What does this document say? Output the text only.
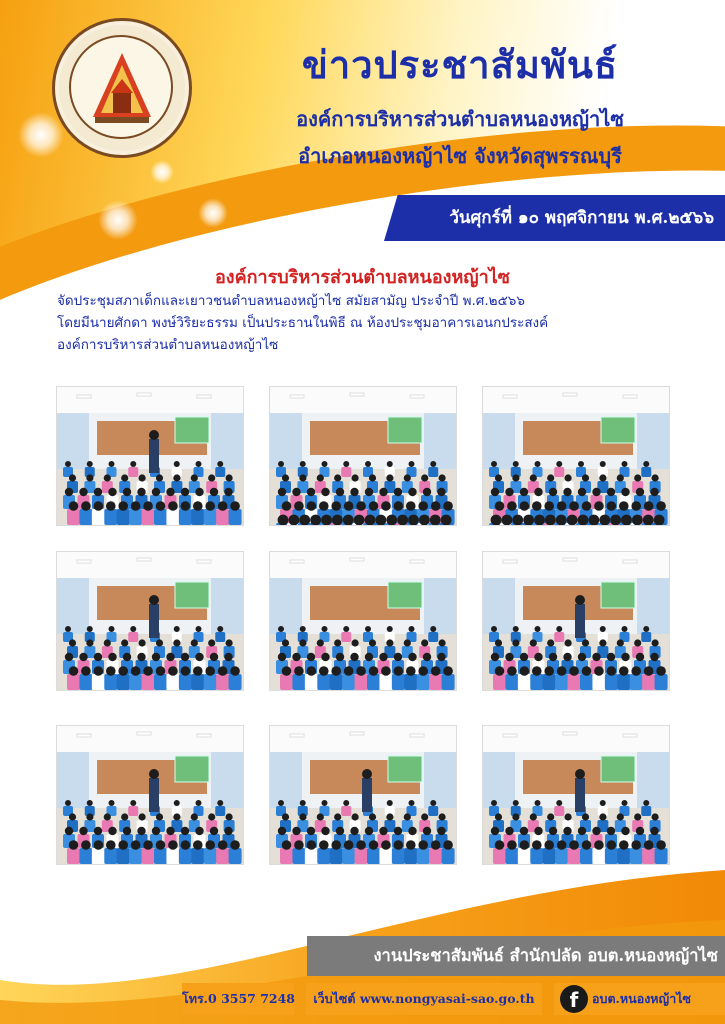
ข่าวประชาสัมพันธ์
องค์การบริหารส่วนตำบลหนองหญ้าไซ
อำเภอหนองหญ้าไซ จังหวัดสุพรรณบุรี
วันศุกร์ที่ ๑๐ พฤศจิกายน พ.ศ.๒๕๖๖
องค์การบริหารส่วนตำบลหนองหญ้าไซ
จัดประชุมสภาเด็กและเยาวชนตำบลหนองหญ้าไซ สมัยสามัญ ประจำปี พ.ศ.๒๕๖๖
โดยมีนายศักดา พงษ์วิริยะธรรม เป็นประธานในพิธี ณ ห้องประชุมอาคารเอนกประสงค์
องค์การบริหารส่วนตำบลหนองหญ้าไซ
งานประชาสัมพันธ์ สำนักปลัด อบต.หนองหญ้าไซ
โทร.0 3557 7248	เว็บไซต์ www.nongyasai-sao.go.th	f	อบต.หนองหญ้าไซ
